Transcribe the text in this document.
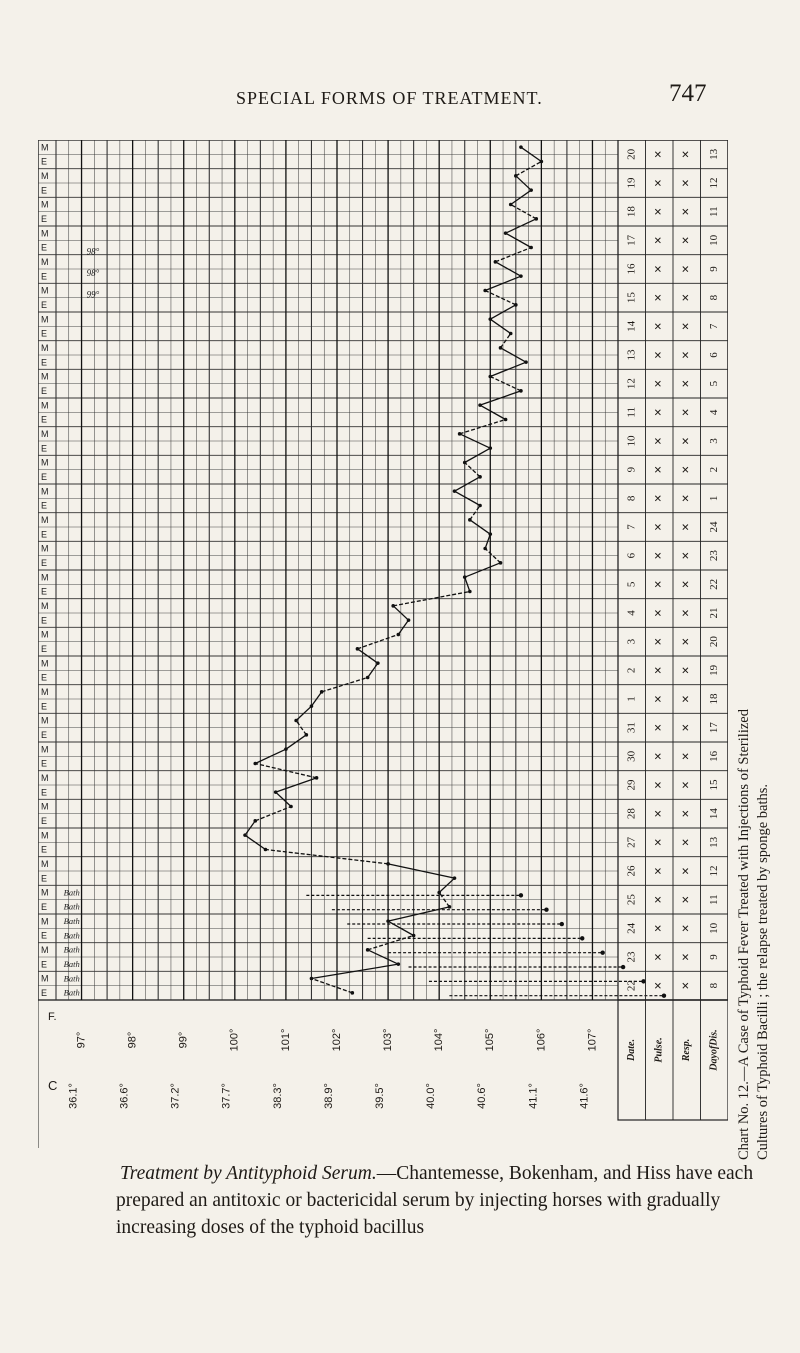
SPECIAL FORMS OF TREATMENT.	747
M
E
M
E
M
E
M
E
M
E
M
E
M
E
M
E
M
E
M
E
M
E
M
E
M
E
M
E
M
E
M
E
M
E
M
E
M
E
M
E
M
E
M
E
M
E
M
E
M
E
M
E
M
E
M
E
M
E
M
E
Bath
Bath
Bath
Bath
Bath
Bath
Bath
Bath
98°
98°
99°
20 ✕ ✕ 13
19 ✕ ✕ 12
18 ✕ ✕ 11
17 ✕ ✕ 10
16 ✕ ✕ 9
15 ✕ ✕ 8
14 ✕ ✕ 7
13 ✕ ✕ 6
12 ✕ ✕ 5
11 ✕ ✕ 4
10 ✕ ✕ 3
9 ✕ ✕ 2
8 ✕ ✕ 1
7 ✕ ✕ 24
6 ✕ ✕ 23
5 ✕ ✕ 22
4 ✕ ✕ 21
3 ✕ ✕ 20
2 ✕ ✕ 19
1 ✕ ✕ 18
31 ✕ ✕ 17
30 ✕ ✕ 16
29 ✕ ✕ 15
28 ✕ ✕ 14
27 ✕ ✕ 13
26 ✕ ✕ 12
25 ✕ ✕ 11
24 ✕ ✕ 10
23 ✕ ✕ 9
22 ✕ ✕ 8
Date. Pulse. Resp. DayofDis.
107°
41.6°
106°
41.1°
105°
40.6°
104°
40.0°
103°
39.5°
102°
38.9°
101°
38.3°
100°
37.7°
99°
37.2°
98°
36.6°
97°
36.1°
C
F.	Chart No. 12.—A Case of Typhoid Fever Treated with Injections of Sterilized Cultures of Typhoid Bacilli ; the relapse treated by sponge baths.

Treatment by Antityphoid Serum.—Chantemesse, Bokenham, and Hiss have each prepared an antitoxic or bactericidal serum by injecting horses with gradually increasing doses of the typhoid bacillus
